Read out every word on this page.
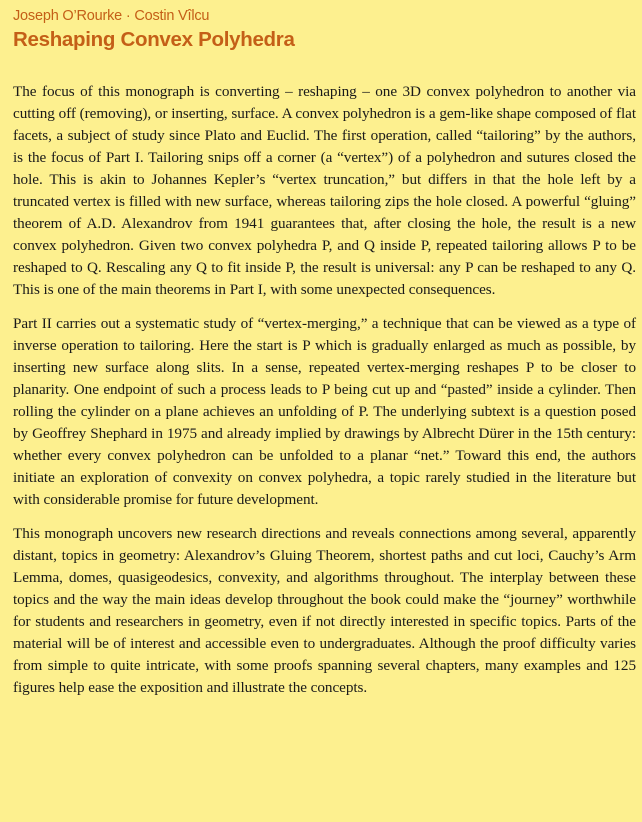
Joseph O’Rourke · Costin Vîlcu
Reshaping Convex Polyhedra

The focus of this monograph is converting – reshaping – one 3D convex polyhedron to another via cutting off (removing), or inserting, surface. A convex polyhedron is a gem-like shape composed of flat facets, a subject of study since Plato and Euclid. The first operation, called “tailoring” by the authors, is the focus of Part I. Tailoring snips off a corner (a “vertex”) of a polyhedron and sutures closed the hole. This is akin to Johannes Kepler’s “vertex truncation,” but differs in that the hole left by a truncated vertex is filled with new surface, whereas tailoring zips the hole closed. A powerful “gluing” theorem of A.D. Alexandrov from 1941 guarantees that, after closing the hole, the result is a new convex polyhedron. Given two convex polyhedra P, and Q inside P, repeated tailoring allows P to be reshaped to Q. Rescaling any Q to fit inside P, the result is universal: any P can be reshaped to any Q. This is one of the main theorems in Part I, with some unexpected consequences.

Part II carries out a systematic study of “vertex-merging,” a technique that can be viewed as a type of inverse operation to tailoring. Here the start is P which is gradually enlarged as much as possible, by inserting new surface along slits. In a sense, repeated vertex-merging reshapes P to be closer to planarity. One endpoint of such a process leads to P being cut up and “pasted” inside a cylinder. Then rolling the cylinder on a plane achieves an unfolding of P. The underlying subtext is a question posed by Geoffrey Shephard in 1975 and already implied by drawings by Albrecht Dürer in the 15th century: whether every convex polyhedron can be unfolded to a planar “net.” Toward this end, the authors initiate an exploration of convexity on convex polyhedra, a topic rarely studied in the literature but with considerable promise for future development.

This monograph uncovers new research directions and reveals connections among several, apparently distant, topics in geometry: Alexandrov’s Gluing Theorem, shortest paths and cut loci, Cauchy’s Arm Lemma, domes, quasigeodesics, convexity, and algorithms throughout. The interplay between these topics and the way the main ideas develop throughout the book could make the “journey” worthwhile for students and researchers in geometry, even if not directly interested in specific topics. Parts of the material will be of interest and accessible even to undergraduates. Although the proof difficulty varies from simple to quite intricate, with some proofs spanning several chapters, many examples and 125 figures help ease the exposition and illustrate the concepts.
